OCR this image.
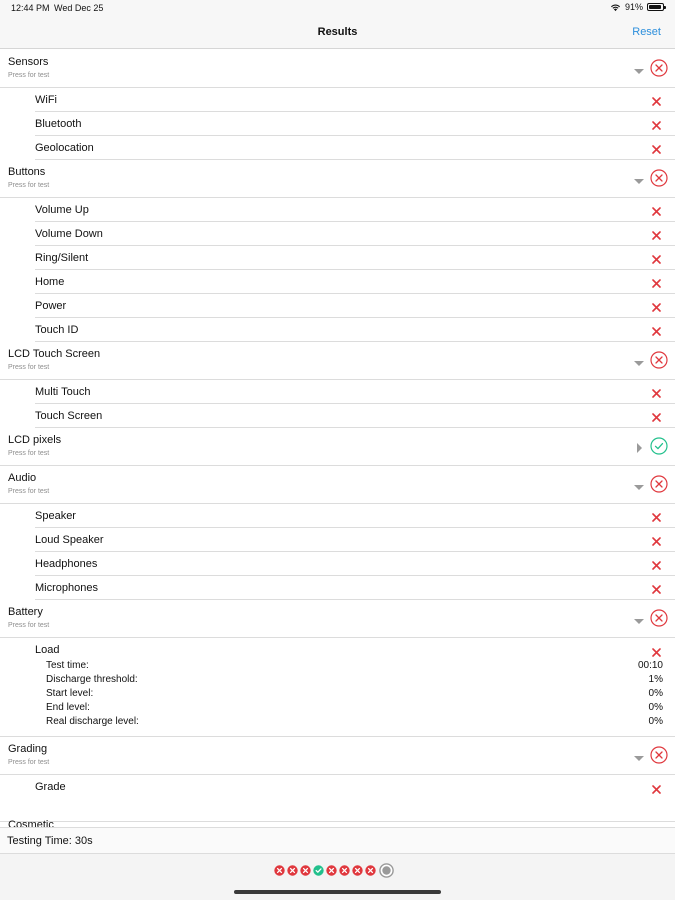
12:44 PM Wed Dec 25	91%
Results	Reset
Sensors
Press for test
WiFi
Bluetooth
Geolocation
Buttons
Press for test
Volume Up
Volume Down
Ring/Silent
Home
Power
Touch ID
LCD Touch Screen
Press for test
Multi Touch
Touch Screen
LCD pixels
Press for test
Audio
Press for test
Speaker
Loud Speaker
Headphones
Microphones
Battery
Press for test
Load
Test time:	00:10
Discharge threshold:	1%
Start level:	0%
End level:	0%
Real discharge level:	0%
Grading
Press for test
Grade
Cosmetic
Testing Time: 30s
